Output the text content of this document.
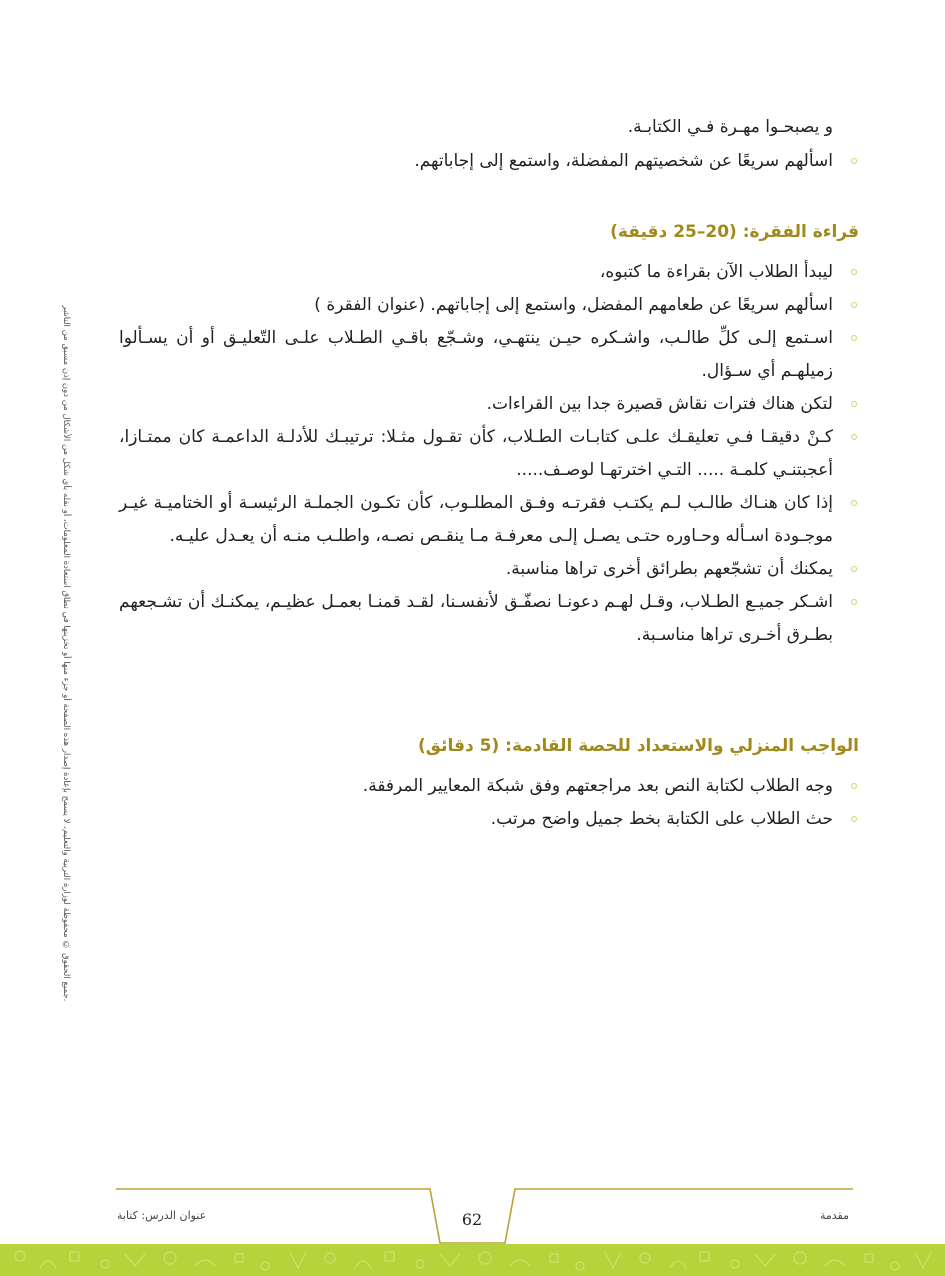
جميع الحقوق © محفوظة لوزارة التربية والتعليم، لا يسمح بإعادة إصدار هذه الصفحة أو جزء منها أو تخزينها في نطاق استعادة المعلومات، أو نقله بأي شكل من الأشكال من دون إذن مسبق من الناشر.
و يصبحـوا مهـرة فـي الكتابـة.
اسألهم سريعًا عن شخصيتهم المفضلة، واستمع إلى إجاباتهم.
قراءة الفقرة: (20–25 دقيقة)
ليبدأ الطلاب الآن بقراءة ما كتبوه،
اسألهم سريعًا عن طعامهم المفضل، واستمع إلى إجاباتهم. (عنوان الفقرة )
اسـتمع إلـى كلِّ طالـب، واشـكره حيـن ينتهـي، وشـجّع باقـي الطـلاب علـى التّعليـق أو أن يسـألوا زميلهـم أي سـؤال.
لتكن هناك فترات نقاش قصيرة جدا بين القراءات.
كـنْ دقيقـا فـي تعليقـك علـى كتابـات الطـلاب، كأن تقـول مثـلا: ترتيبـك للأدلـة الداعمـة كان ممتـازا، أعجبتنـي كلمـة ..... التـي اخترتهـا لوصـف.....
إذا كان هنـاك طالـب لـم يكتـب فقرتـه وفـق المطلـوب، كأن تكـون الجملـة الرئيسـة أو الختاميـة غيـر موجـودة اسـأله وحـاوره حتـى يصـل إلـى معرفـة مـا ينقـص نصـه، واطلـب منـه أن يعـدل عليـه.
يمكنك أن تشجّعهم بطرائق أخرى تراها مناسبة.
اشـكر جميـع الطـلاب، وقـل لهـم دعونـا نصفّـق لأنفسـنا، لقـد قمنـا بعمـل عظيـم، يمكنـك أن تشـجعهم بطـرق أخـرى تراها مناسـبة.
الواجب المنزلي والاستعداد للحصة القادمة: (5 دقائق)
وجه الطلاب لكتابة النص بعد مراجعتهم وفق شبكة المعايير المرفقة.
حث الطلاب على الكتابة بخط جميل واضح مرتب.
62
عنوان الدرس: كتابة	مقدمة
